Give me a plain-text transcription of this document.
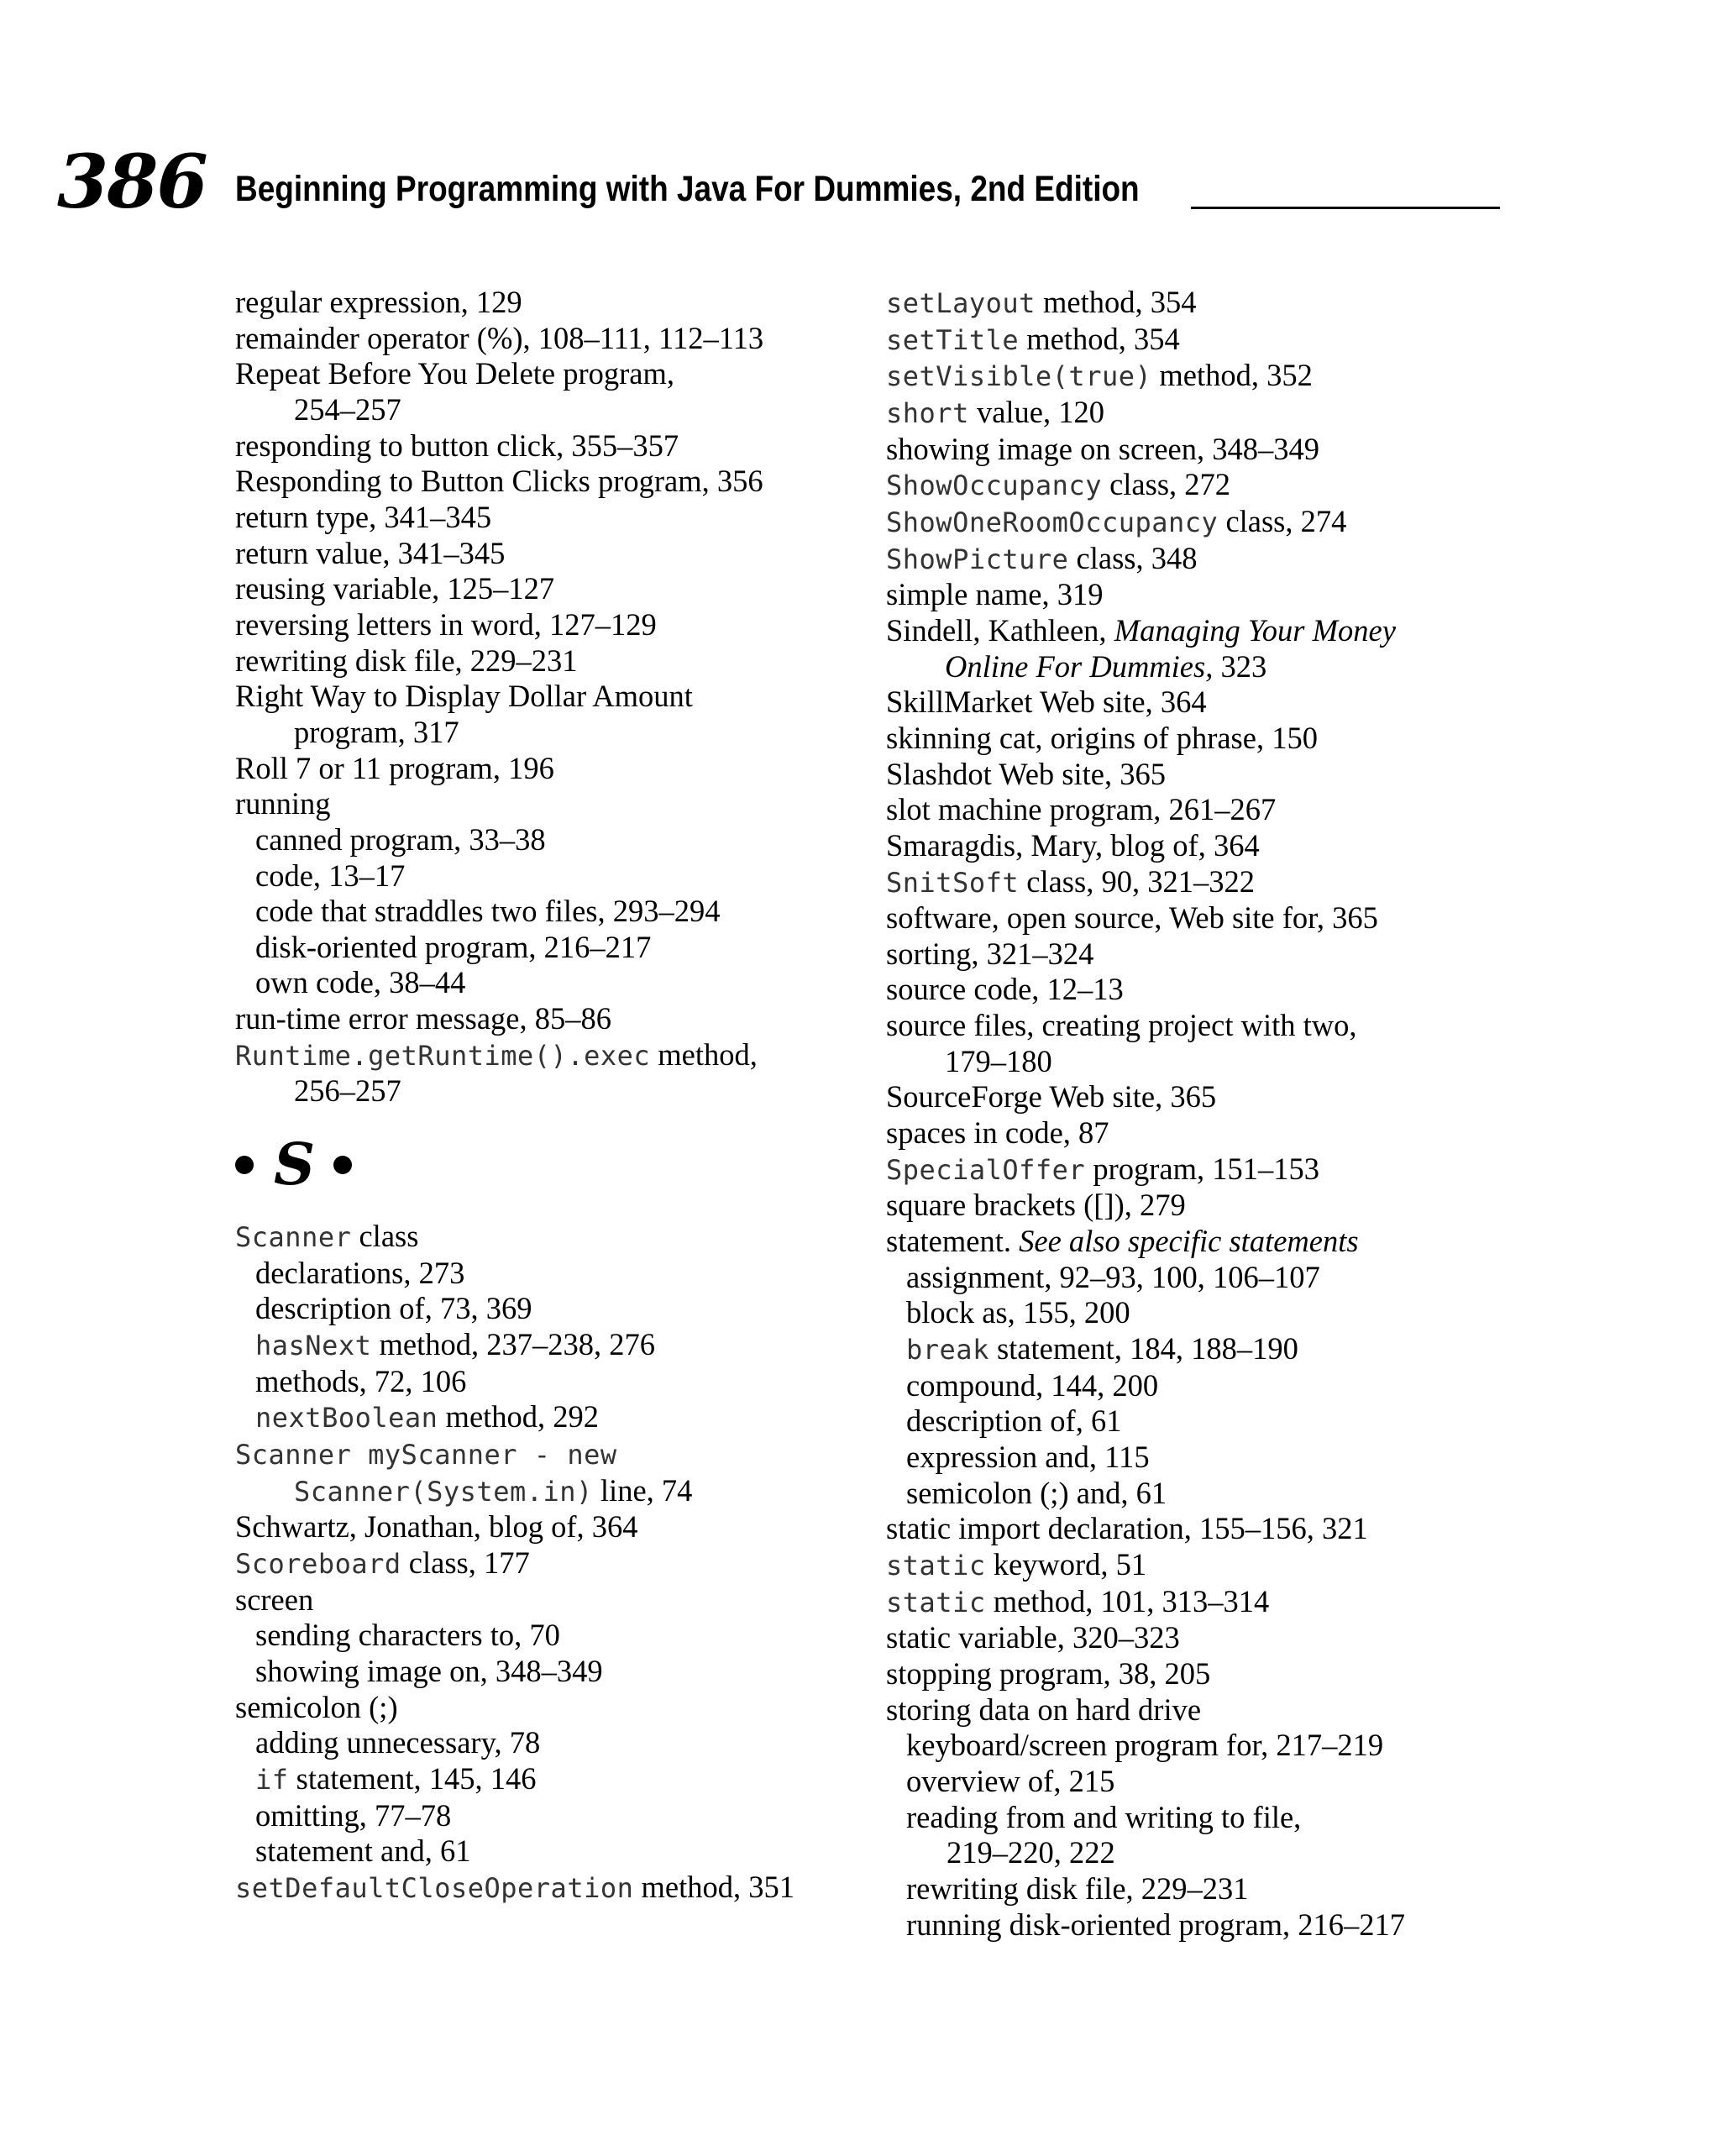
386 Beginning Programming with Java For Dummies, 2nd Edition
regular expression, 129
remainder operator (%), 108–111, 112–113
Repeat Before You Delete program,
254–257
responding to button click, 355–357
Responding to Button Clicks program, 356
return type, 341–345
return value, 341–345
reusing variable, 125–127
reversing letters in word, 127–129
rewriting disk file, 229–231
Right Way to Display Dollar Amount
program, 317
Roll 7 or 11 program, 196
running
canned program, 33–38
code, 13–17
code that straddles two files, 293–294
disk-oriented program, 216–217
own code, 38–44
run-time error message, 85–86
Runtime.getRuntime().exec method,
256–257
S
Scanner class
declarations, 273
description of, 73, 369
hasNext method, 237–238, 276
methods, 72, 106
nextBoolean method, 292
Scanner myScanner - new
Scanner(System.in) line, 74
Schwartz, Jonathan, blog of, 364
Scoreboard class, 177
screen
sending characters to, 70
showing image on, 348–349
semicolon (;)
adding unnecessary, 78
if statement, 145, 146
omitting, 77–78
statement and, 61
setDefaultCloseOperation method, 351
setLayout method, 354
setTitle method, 354
setVisible(true) method, 352
short value, 120
showing image on screen, 348–349
ShowOccupancy class, 272
ShowOneRoomOccupancy class, 274
ShowPicture class, 348
simple name, 319
Sindell, Kathleen, Managing Your Money
Online For Dummies, 323
SkillMarket Web site, 364
skinning cat, origins of phrase, 150
Slashdot Web site, 365
slot machine program, 261–267
Smaragdis, Mary, blog of, 364
SnitSoft class, 90, 321–322
software, open source, Web site for, 365
sorting, 321–324
source code, 12–13
source files, creating project with two,
179–180
SourceForge Web site, 365
spaces in code, 87
SpecialOffer program, 151–153
square brackets ([]), 279
statement. See also specific statements
assignment, 92–93, 100, 106–107
block as, 155, 200
break statement, 184, 188–190
compound, 144, 200
description of, 61
expression and, 115
semicolon (;) and, 61
static import declaration, 155–156, 321
static keyword, 51
static method, 101, 313–314
static variable, 320–323
stopping program, 38, 205
storing data on hard drive
keyboard/screen program for, 217–219
overview of, 215
reading from and writing to file,
219–220, 222
rewriting disk file, 229–231
running disk-oriented program, 216–217
